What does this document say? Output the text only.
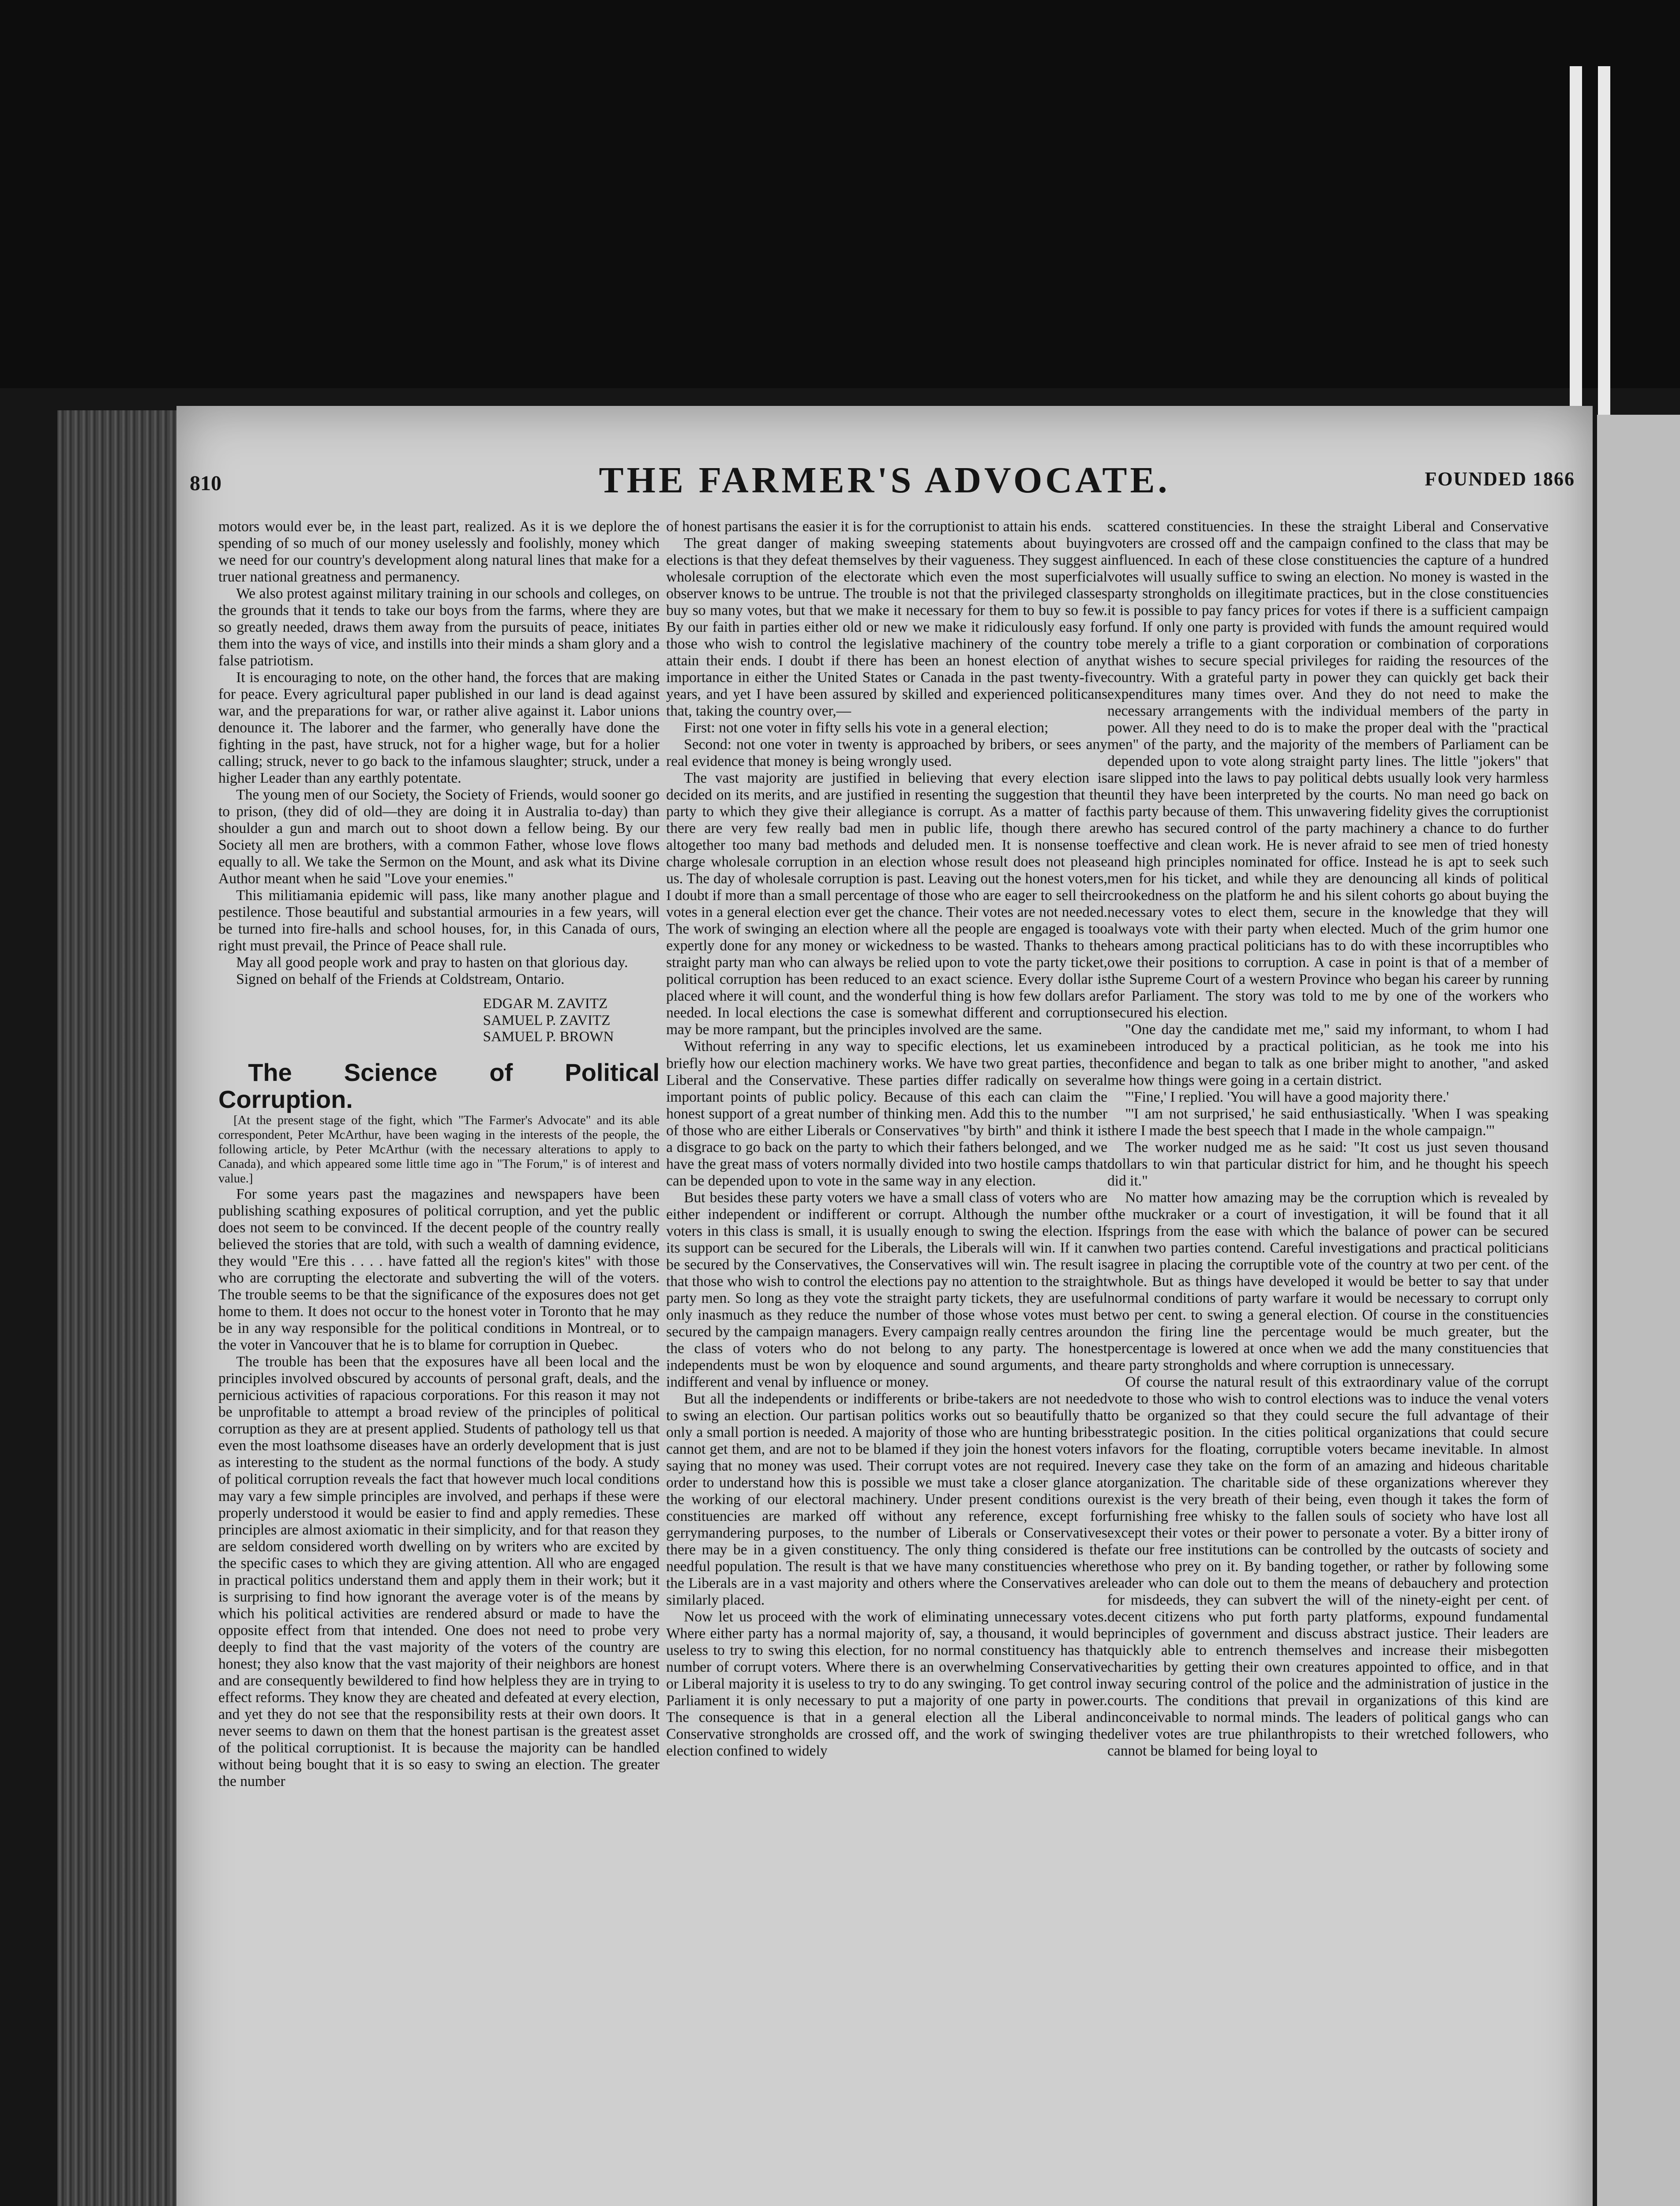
810	THE FARMER'S ADVOCATE.	FOUNDED 1866

motors would ever be, in the least part, realized. As it is we deplore the spending of so much of our money uselessly and foolishly, money which we need for our country's development along natural lines that make for a truer national greatness and permanency.

We also protest against military training in our schools and colleges, on the grounds that it tends to take our boys from the farms, where they are so greatly needed, draws them away from the pursuits of peace, initiates them into the ways of vice, and instills into their minds a sham glory and a false patriotism.

It is encouraging to note, on the other hand, the forces that are making for peace. Every agricultural paper published in our land is dead against war, and the preparations for war, or rather alive against it. Labor unions denounce it. The laborer and the farmer, who generally have done the fighting in the past, have struck, not for a higher wage, but for a holier calling; struck, never to go back to the infamous slaughter; struck, under a higher Leader than any earthly potentate.

The young men of our Society, the Society of Friends, would sooner go to prison, (they did of old—they are doing it in Australia to-day) than shoulder a gun and march out to shoot down a fellow being. By our Society all men are brothers, with a common Father, whose love flows equally to all. We take the Sermon on the Mount, and ask what its Divine Author meant when he said "Love your enemies."

This militiamania epidemic will pass, like many another plague and pestilence. Those beautiful and substantial armouries in a few years, will be turned into fire-halls and school houses, for, in this Canada of ours, right must prevail, the Prince of Peace shall rule.

May all good people work and pray to hasten on that glorious day.

Signed on behalf of the Friends at Coldstream, Ontario.

EDGAR M. ZAVITZ

SAMUEL P. ZAVITZ

SAMUEL P. BROWN

The Science of Political Corruption.

[At the present stage of the fight, which "The Farmer's Advocate" and its able correspondent, Peter McArthur, have been waging in the interests of the people, the following article, by Peter McArthur (with the necessary alterations to apply to Canada), and which appeared some little time ago in "The Forum," is of interest and value.]

For some years past the magazines and newspapers have been publishing scathing exposures of political corruption, and yet the public does not seem to be convinced. If the decent people of the country really believed the stories that are told, with such a wealth of damning evidence, they would "Ere this . . . . have fatted all the region's kites" with those who are corrupting the electorate and subverting the will of the voters. The trouble seems to be that the significance of the exposures does not get home to them. It does not occur to the honest voter in Toronto that he may be in any way responsible for the political conditions in Montreal, or to the voter in Vancouver that he is to blame for corruption in Quebec.

The trouble has been that the exposures have all been local and the principles involved obscured by accounts of personal graft, deals, and the pernicious activities of rapacious corporations. For this reason it may not be unprofitable to attempt a broad review of the principles of political corruption as they are at present applied. Students of pathology tell us that even the most loathsome diseases have an orderly development that is just as interesting to the student as the normal functions of the body. A study of political corruption reveals the fact that however much local conditions may vary a few simple principles are involved, and perhaps if these were properly understood it would be easier to find and apply remedies. These principles are almost axiomatic in their simplicity, and for that reason they are seldom considered worth dwelling on by writers who are excited by the specific cases to which they are giving attention. All who are engaged in practical politics understand them and apply them in their work; but it is surprising to find how ignorant the average voter is of the means by which his political activities are rendered absurd or made to have the opposite effect from that intended. One does not need to probe very deeply to find that the vast majority of the voters of the country are honest; they also know that the vast majority of their neighbors are honest and are consequently bewildered to find how helpless they are in trying to effect reforms. They know they are cheated and defeated at every election, and yet they do not see that the responsibility rests at their own doors. It never seems to dawn on them that the honest partisan is the greatest asset of the political corruptionist. It is because the majority can be handled without being bought that it is so easy to swing an election. The greater the number

of honest partisans the easier it is for the corruptionist to attain his ends.

The great danger of making sweeping statements about buying elections is that they defeat themselves by their vagueness. They suggest a wholesale corruption of the electorate which even the most superficial observer knows to be untrue. The trouble is not that the privileged classes buy so many votes, but that we make it necessary for them to buy so few. By our faith in parties either old or new we make it ridiculously easy for those who wish to control the legislative machinery of the country to attain their ends. I doubt if there has been an honest election of any importance in either the United States or Canada in the past twenty-five years, and yet I have been assured by skilled and experienced politicans that, taking the country over,—

First: not one voter in fifty sells his vote in a general election;

Second: not one voter in twenty is approached by bribers, or sees any real evidence that money is being wrongly used.

The vast majority are justified in believing that every election is decided on its merits, and are justified in resenting the suggestion that the party to which they give their allegiance is corrupt. As a matter of fact there are very few really bad men in public life, though there are altogether too many bad methods and deluded men. It is nonsense to charge wholesale corruption in an election whose result does not please us. The day of wholesale corruption is past. Leaving out the honest voters, I doubt if more than a small percentage of those who are eager to sell their votes in a general election ever get the chance. Their votes are not needed. The work of swinging an election where all the people are engaged is too expertly done for any money or wickedness to be wasted. Thanks to the straight party man who can always be relied upon to vote the party ticket, political corruption has been reduced to an exact science. Every dollar is placed where it will count, and the wonderful thing is how few dollars are needed. In local elections the case is somewhat different and corruption may be more rampant, but the principles involved are the same.

Without referring in any way to specific elections, let us examine briefly how our election machinery works. We have two great parties, the Liberal and the Conservative. These parties differ radically on several important points of public policy. Because of this each can claim the honest support of a great number of thinking men. Add this to the number of those who are either Liberals or Conservatives "by birth" and think it is a disgrace to go back on the party to which their fathers belonged, and we have the great mass of voters normally divided into two hostile camps that can be depended upon to vote in the same way in any election.

But besides these party voters we have a small class of voters who are either independent or indifferent or corrupt. Although the number of voters in this class is small, it is usually enough to swing the election. If its support can be secured for the Liberals, the Liberals will win. If it can be secured by the Conservatives, the Conservatives will win. The result is that those who wish to control the elections pay no attention to the straight party men. So long as they vote the straight party tickets, they are useful only inasmuch as they reduce the number of those whose votes must be secured by the campaign managers. Every campaign really centres around the class of voters who do not belong to any party. The honest independents must be won by eloquence and sound arguments, and the indifferent and venal by influence or money.

But all the independents or indifferents or bribe-takers are not needed to swing an election. Our partisan politics works out so beautifully that only a small portion is needed. A majority of those who are hunting bribes cannot get them, and are not to be blamed if they join the honest voters in saying that no money was used. Their corrupt votes are not required. In order to understand how this is possible we must take a closer glance at the working of our electoral machinery. Under present conditions our constituencies are marked off without any reference, except for gerrymandering purposes, to the number of Liberals or Conservatives there may be in a given constituency. The only thing considered is the needful population. The result is that we have many constituencies where the Liberals are in a vast majority and others where the Conservatives are similarly placed.

Now let us proceed with the work of eliminating unnecessary votes. Where either party has a normal majority of, say, a thousand, it would be useless to try to swing this election, for no normal constituency has that number of corrupt voters. Where there is an overwhelming Conservative or Liberal majority it is useless to try to do any swinging. To get control in Parliament it is only necessary to put a majority of one party in power. The consequence is that in a general election all the Liberal and Conservative strongholds are crossed off, and the work of swinging the election confined to widely

scattered constituencies. In these the straight Liberal and Conservative voters are crossed off and the campaign confined to the class that may be influenced. In each of these close constituencies the capture of a hundred votes will usually suffice to swing an election. No money is wasted in the party strongholds on illegitimate practices, but in the close constituencies it is possible to pay fancy prices for votes if there is a sufficient campaign fund. If only one party is provided with funds the amount required would be merely a trifle to a giant corporation or combination of corporations that wishes to secure special privileges for raiding the resources of the country. With a grateful party in power they can quickly get back their expenditures many times over. And they do not need to make the necessary arrangements with the individual members of the party in power. All they need to do is to make the proper deal with the "practical men" of the party, and the majority of the members of Parliament can be depended upon to vote along straight party lines. The little "jokers" that are slipped into the laws to pay political debts usually look very harmless until they have been interpreted by the courts. No man need go back on his party because of them. This unwavering fidelity gives the corruptionist who has secured control of the party machinery a chance to do further effective and clean work. He is never afraid to see men of tried honesty and high principles nominated for office. Instead he is apt to seek such men for his ticket, and while they are denouncing all kinds of political crookedness on the platform he and his silent cohorts go about buying the necessary votes to elect them, secure in the knowledge that they will always vote with their party when elected. Much of the grim humor one hears among practical politicians has to do with these incorruptibles who owe their positions to corruption. A case in point is that of a member of the Supreme Court of a western Province who began his career by running for Parliament. The story was told to me by one of the workers who secured his election.

"One day the candidate met me," said my informant, to whom I had been introduced by a practical politician, as he took me into his confidence and began to talk as one briber might to another, "and asked me how things were going in a certain district.

"'Fine,' I replied. 'You will have a good majority there.'

"'I am not surprised,' he said enthusiastically. 'When I was speaking there I made the best speech that I made in the whole campaign.'"

The worker nudged me as he said: "It cost us just seven thousand dollars to win that particular district for him, and he thought his speech did it."

No matter how amazing may be the corruption which is revealed by the muckraker or a court of investigation, it will be found that it all springs from the ease with which the balance of power can be secured when two parties contend. Careful investigations and practical politicians agree in placing the corruptible vote of the country at two per cent. of the whole. But as things have developed it would be better to say that under normal conditions of party warfare it would be necessary to corrupt only two per cent. to swing a general election. Of course in the constituencies on the firing line the percentage would be much greater, but the percentage is lowered at once when we add the many constituencies that are party strongholds and where corruption is unnecessary.

Of course the natural result of this extraordinary value of the corrupt vote to those who wish to control elections was to induce the venal voters to be organized so that they could secure the full advantage of their strategic position. In the cities political organizations that could secure favors for the floating, corruptible voters became inevitable. In almost every case they take on the form of an amazing and hideous charitable organization. The charitable side of these organizations wherever they exist is the very breath of their being, even though it takes the form of furnishing free whisky to the fallen souls of society who have lost all except their votes or their power to personate a voter. By a bitter irony of fate our free institutions can be controlled by the outcasts of society and those who prey on it. By banding together, or rather by following some leader who can dole out to them the means of debauchery and protection for misdeeds, they can subvert the will of the ninety-eight per cent. of decent citizens who put forth party platforms, expound fundamental principles of government and discuss abstract justice. Their leaders are quickly able to entrench themselves and increase their misbegotten charities by getting their own creatures appointed to office, and in that way securing control of the police and the administration of justice in the courts. The conditions that prevail in organizations of this kind are inconceivable to normal minds. The leaders of political gangs who can deliver votes are true philanthropists to their wretched followers, who cannot be blamed for being loyal to
